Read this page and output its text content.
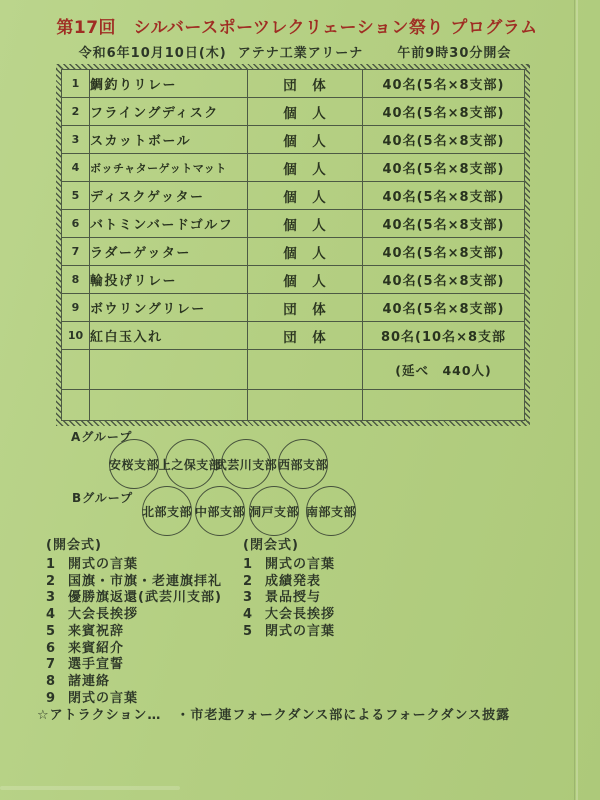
第17回　シルバースポーツレクリェーション祭り プログラム
令和6年10月10日(木) アテナ工業アリーナ	午前9時30分開会
1	鯛釣りリレー	団　体	40名(5名×8支部)
2	フライングディスク	個　人	40名(5名×8支部)
3	スカットボール	個　人	40名(5名×8支部)
4	ボッチャターゲットマット	個　人	40名(5名×8支部)
5	ディスクゲッター	個　人	40名(5名×8支部)
6	バトミンバードゴルフ	個　人	40名(5名×8支部)
7	ラダーゲッター	個　人	40名(5名×8支部)
8	輪投げリレー	個　人	40名(5名×8支部)
9	ボウリングリレー	団　体	40名(5名×8支部)
10	紅白玉入れ	団　体	80名(10名×8支部
			(延べ　440人)

Aグループ
安桜支部 上之保支部
武芸川支部 西部支部
Bグループ
北部支部 中部支部 洞戸支部 南部支部
(開会式)
1 開式の言葉
2 国旗・市旗・老連旗拝礼
3 優勝旗返還(武芸川支部)
4 大会長挨拶
5 来賓祝辞
6 来賓紹介
7 選手宣誓
8 諸連絡
9 閉式の言葉
(閉会式)
1 開式の言葉
2 成績発表
3 景品授与
4 大会長挨拶
5 閉式の言葉
☆アトラクション… ・市老連フォークダンス部によるフォークダンス披露
